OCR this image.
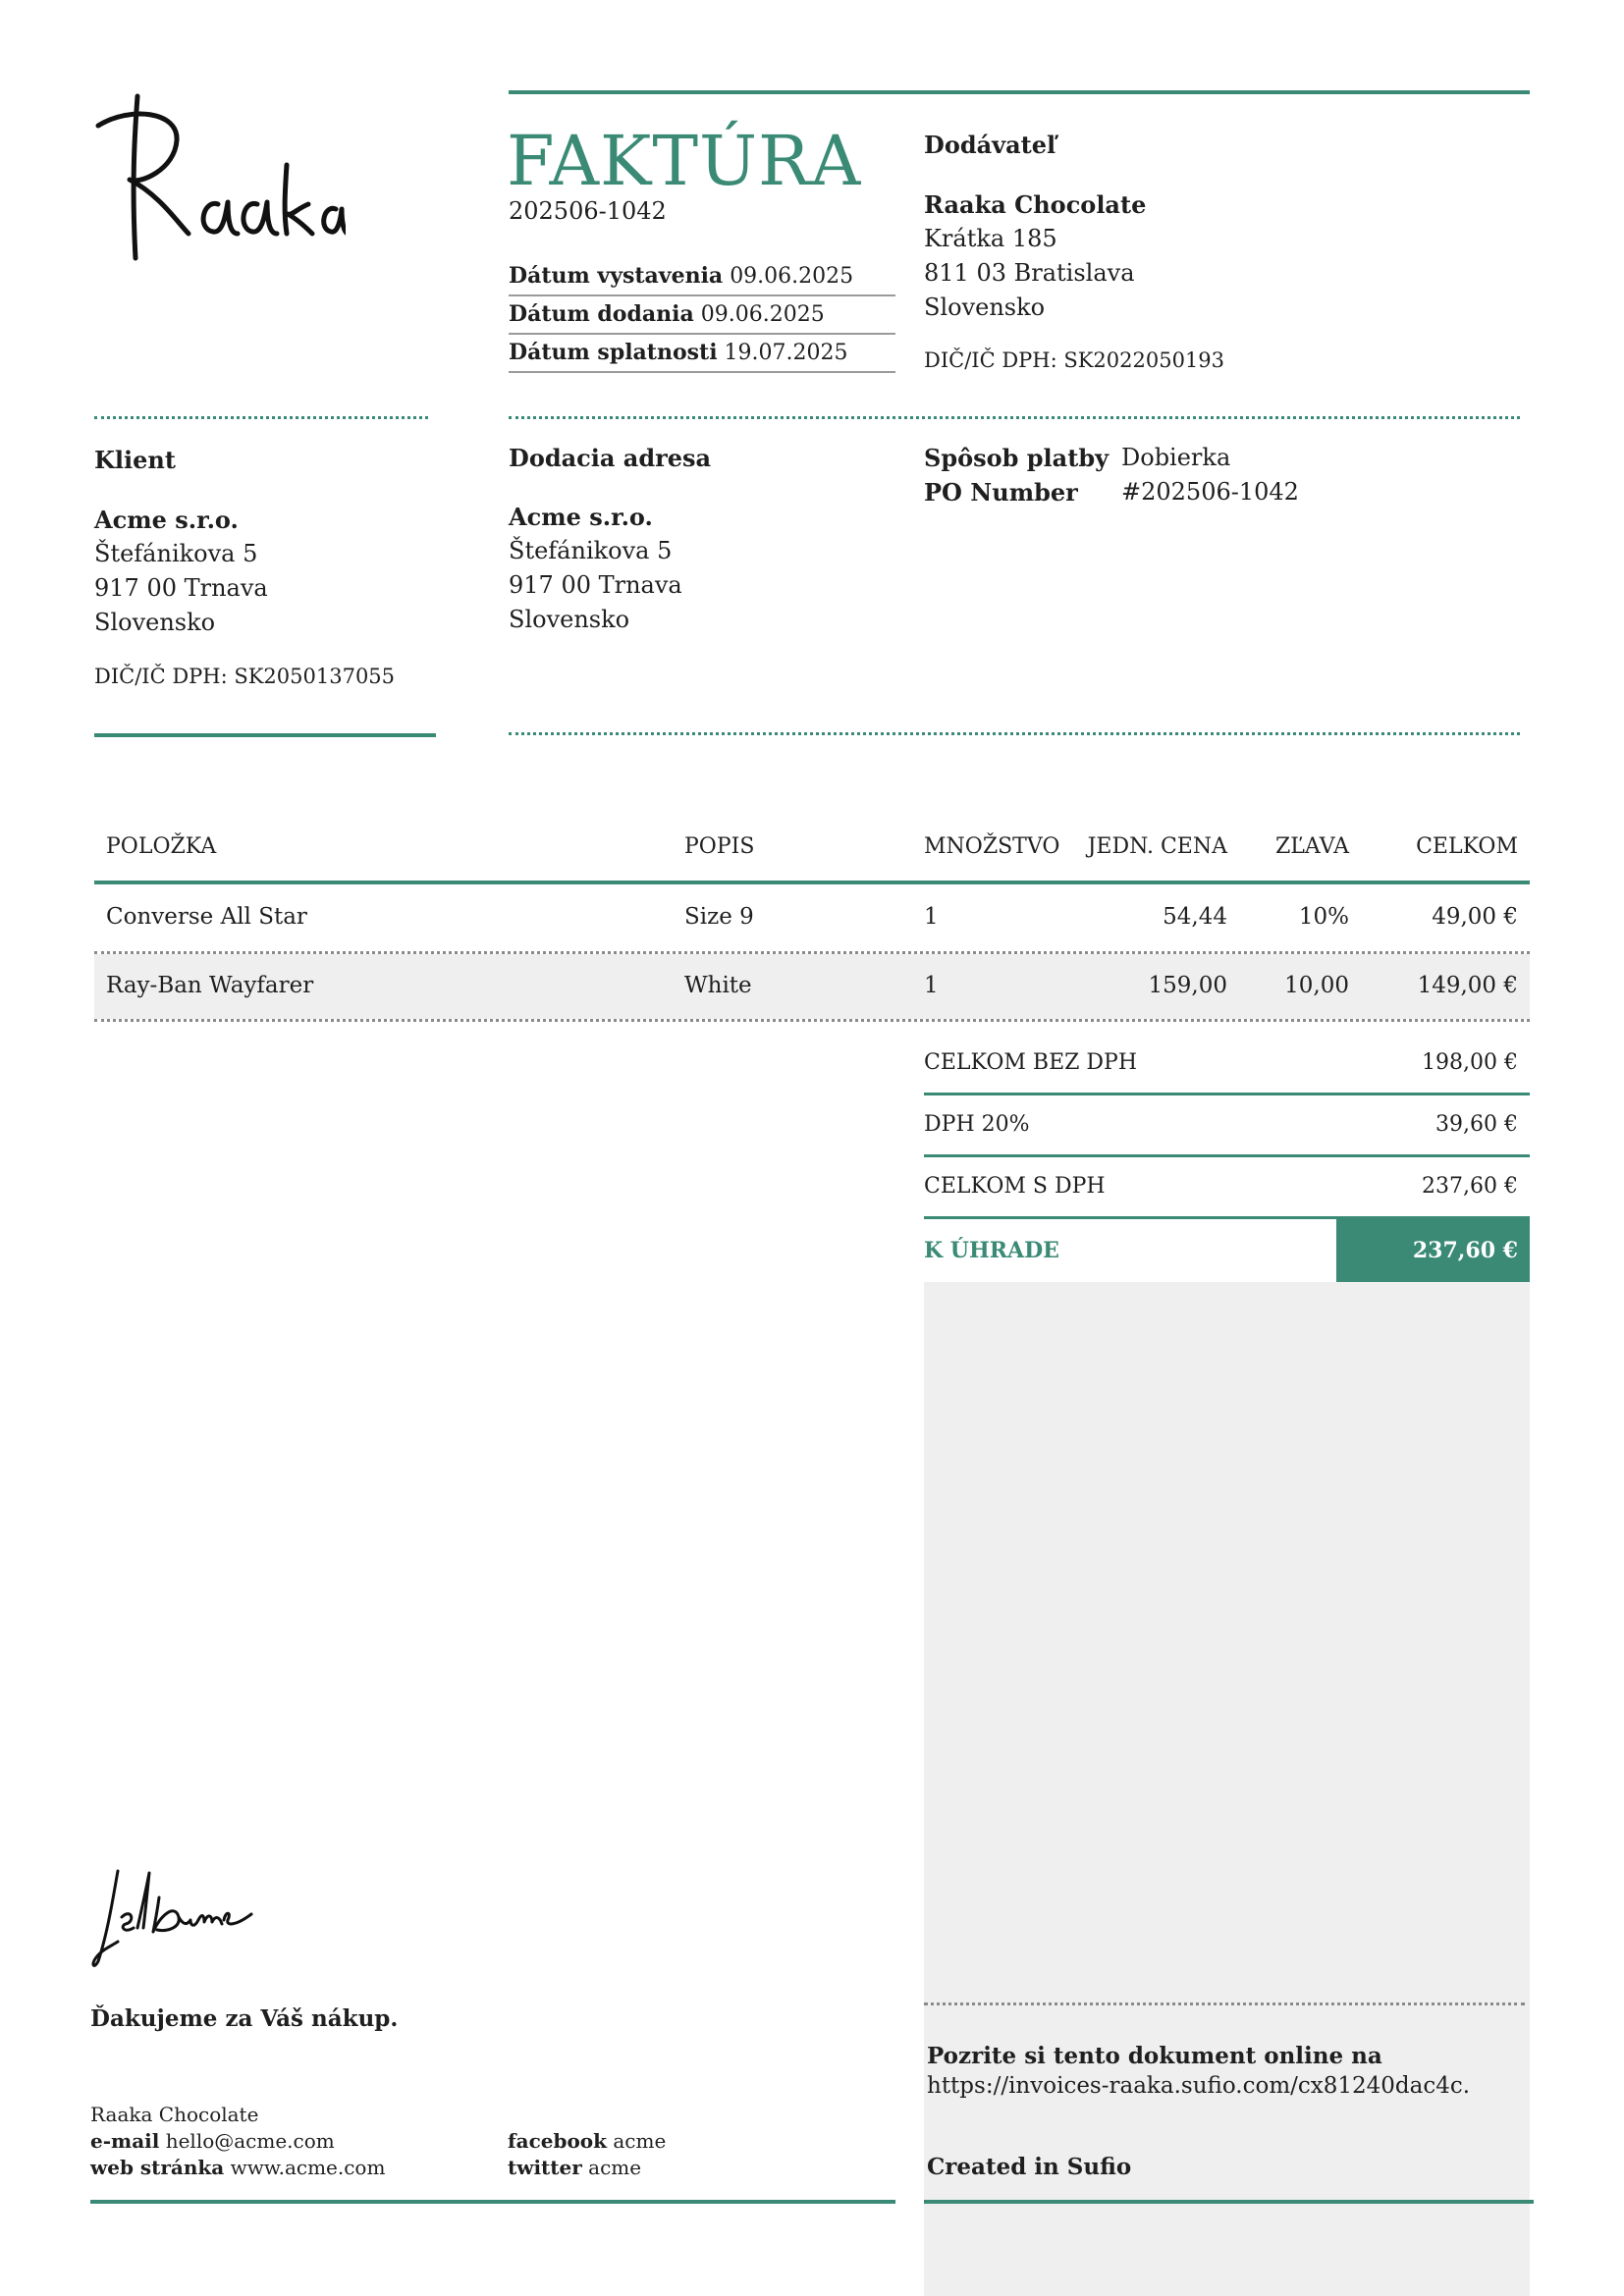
FAKTÚRA
202506-1042
Dátum vystavenia 09.06.2025
Dátum dodania 09.06.2025
Dátum splatnosti 19.07.2025
Dodávateľ
Raaka Chocolate
Krátka 185
811 03 Bratislava
Slovensko
DIČ/IČ DPH: SK2022050193
Klient
Acme s.r.o.
Štefánikova 5
917 00 Trnava
Slovensko
DIČ/IČ DPH: SK2050137055
Dodacia adresa
Acme s.r.o.
Štefánikova 5
917 00 Trnava
Slovensko
Spôsob platby Dobierka
PO Number #202506-1042
POLOŽKA	POPIS	MNOŽSTVO	JEDN. CENA	ZĽAVA	CELKOM
Converse All Star	Size 9	1	54,44	10%	49,00 €
Ray-Ban Wayfarer	White	1	159,00	10,00	149,00 €
CELKOM BEZ DPH	198,00 €
DPH 20%	39,60 €
CELKOM S DPH	237,60 €
K ÚHRADE	237,60 €
Ďakujeme za Váš nákup.
Raaka Chocolate
e-mail hello@acme.com
web stránka www.acme.com
facebook acme
twitter acme
Pozrite si tento dokument online na
https://invoices-raaka.sufio.com/cx81240dac4c.
Created in Sufio
